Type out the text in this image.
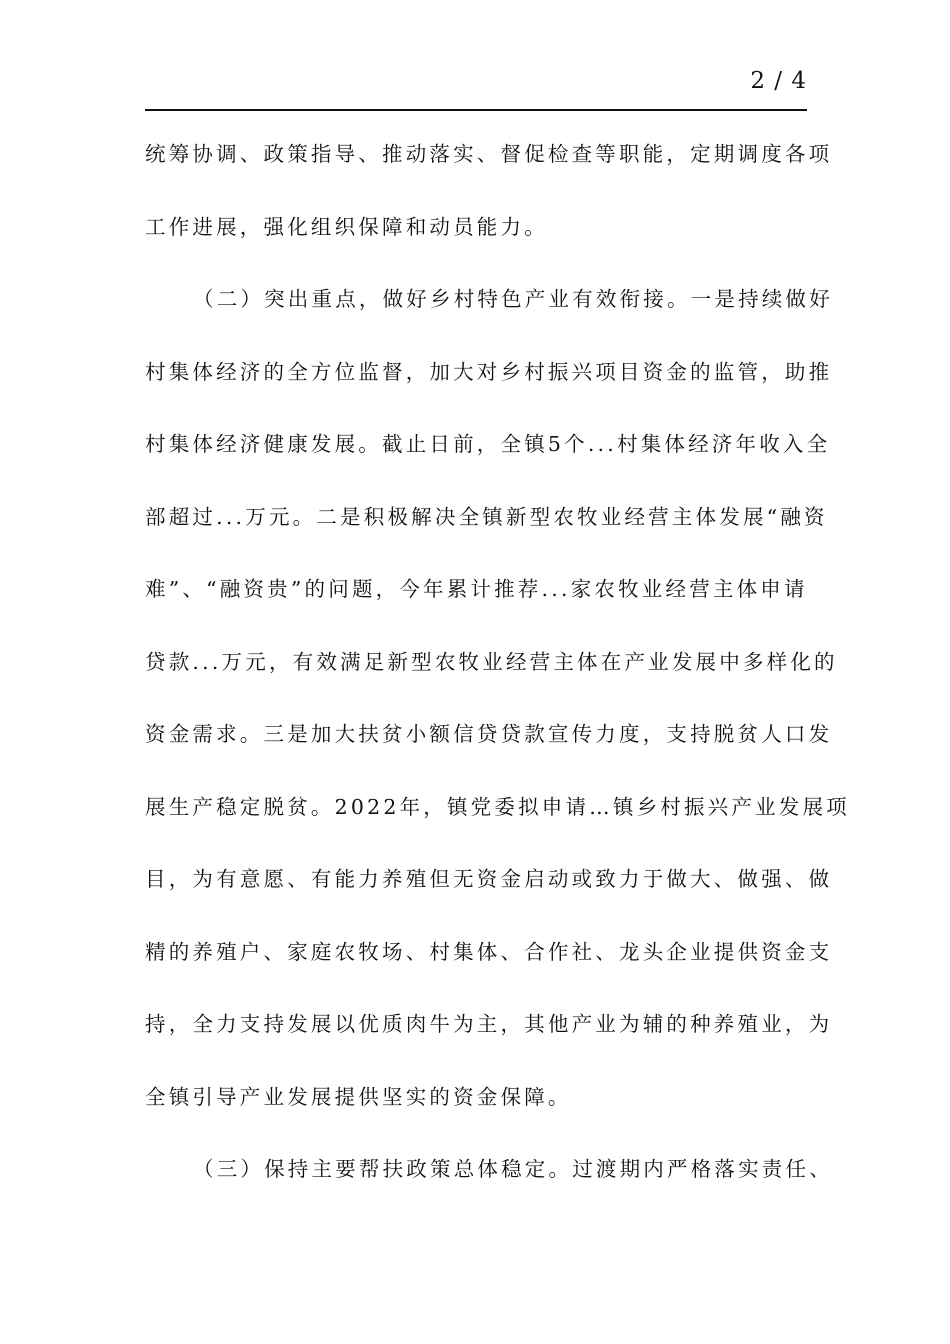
2 / 4
统筹协调、政策指导、推动落实、督促检查等职能，定期调度各项
工作进展，强化组织保障和动员能力。
（二）突出重点，做好乡村特色产业有效衔接。一是持续做好
村集体经济的全方位监督，加大对乡村振兴项目资金的监管，助推
村集体经济健康发展。截止日前，全镇5个...村集体经济年收入全
部超过...万元。二是积极解决全镇新型农牧业经营主体发展“融资
难”、“融资贵”的问题，今年累计推荐...家农牧业经营主体申请
贷款...万元，有效满足新型农牧业经营主体在产业发展中多样化的
资金需求。三是加大扶贫小额信贷贷款宣传力度，支持脱贫人口发
展生产稳定脱贫。2022年，镇党委拟申请…镇乡村振兴产业发展项
目，为有意愿、有能力养殖但无资金启动或致力于做大、做强、做
精的养殖户、家庭农牧场、村集体、合作社、龙头企业提供资金支
持，全力支持发展以优质肉牛为主，其他产业为辅的种养殖业，为
全镇引导产业发展提供坚实的资金保障。
（三）保持主要帮扶政策总体稳定。过渡期内严格落实责任、
